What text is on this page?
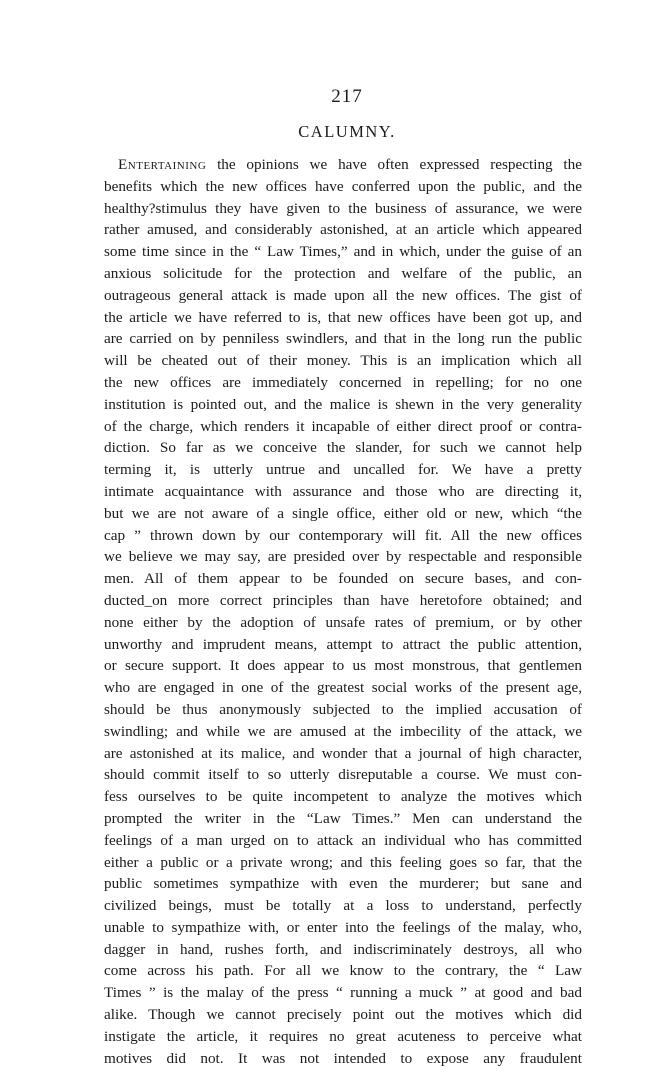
217
CALUMNY.
Entertaining the opinions we have often expressed respecting the
benefits which the new offices have conferred upon the public, and the
healthy?stimulus they have given to the business of assurance, we were
rather amused, and considerably astonished, at an article which appeared
some time since in the “ Law Times,” and in which, under the guise of an
anxious solicitude for the protection and welfare of the public, an
outrageous general attack is made upon all the new offices. The gist of
the article we have referred to is, that new offices have been got up, and
are carried on by penniless swindlers, and that in the long run the public
will be cheated out of their money. This is an implication which all
the new offices are immediately concerned in repelling; for no one
institution is pointed out, and the malice is shewn in the very generality
of the charge, which renders it incapable of either direct proof or contra-
diction. So far as we conceive the slander, for such we cannot help
terming it, is utterly untrue and uncalled for. We have a pretty
intimate acquaintance with assurance and those who are directing it,
but we are not aware of a single office, either old or new, which “the
cap ” thrown down by our contemporary will fit. All the new offices
we believe we may say, are presided over by respectable and responsible
men. All of them appear to be founded on secure bases, and con-
ducted_on more correct principles than have heretofore obtained; and
none either by the adoption of unsafe rates of premium, or by other
unworthy and imprudent means, attempt to attract the public attention,
or secure support. It does appear to us most monstrous, that gentlemen
who are engaged in one of the greatest social works of the present age,
should be thus anonymously subjected to the implied accusation of
swindling; and while we are amused at the imbecility of the attack, we
are astonished at its malice, and wonder that a journal of high character,
should commit itself to so utterly disreputable a course. We must con-
fess ourselves to be quite incompetent to analyze the motives which
prompted the writer in the “Law Times.” Men can understand the
feelings of a man urged on to attack an individual who has committed
either a public or a private wrong; and this feeling goes so far, that the
public sometimes sympathize with even the murderer; but sane and
civilized beings, must be totally at a loss to understand, perfectly
unable to sympathize with, or enter into the feelings of the malay, who,
dagger in hand, rushes forth, and indiscriminately destroys, all who
come across his path. For all we know to the contrary, the “ Law
Times ” is the malay of the press “ running a muck ” at good and bad
alike. Though we cannot precisely point out the motives which did
instigate the article, it requires no great acuteness to perceive what
motives did not. It was not intended to expose any fraudulent
